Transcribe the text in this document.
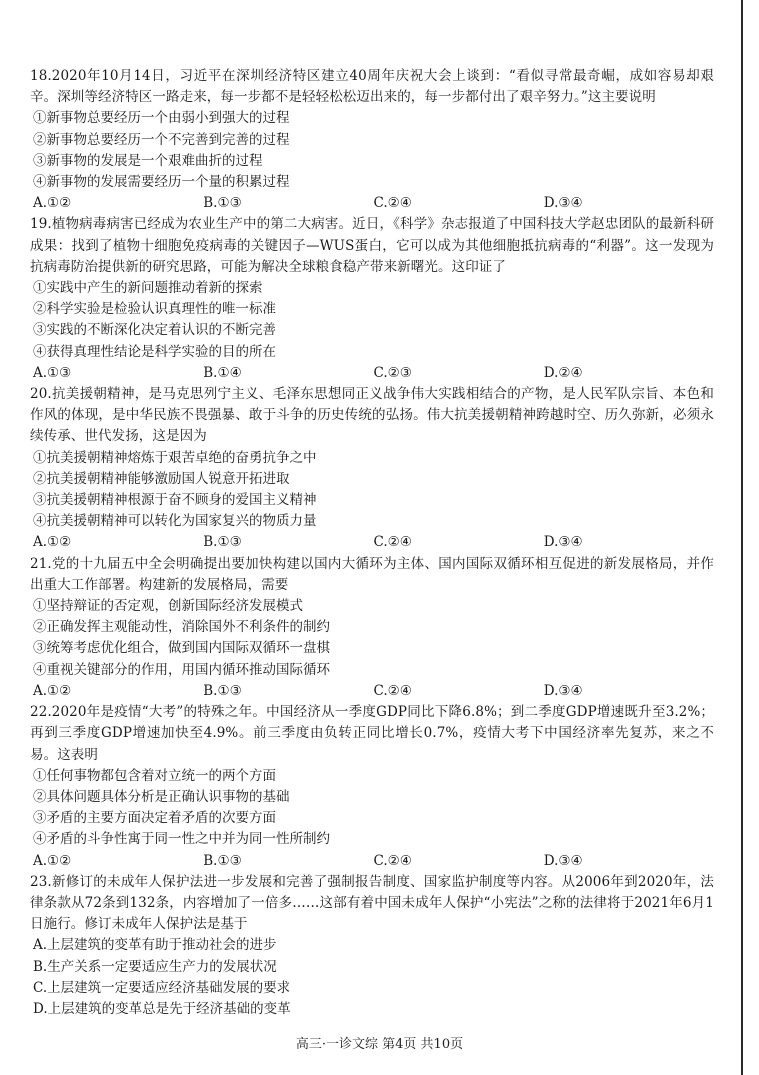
18.2020年10月14日，习近平在深圳经济特区建立40周年庆祝大会上谈到：“看似寻常最奇崛，成如容易却艰辛。深圳等经济特区一路走来，每一步都不是轻轻松松迈出来的，每一步都付出了艰辛努力。”这主要说明

①新事物总要经历一个由弱小到强大的过程

②新事物总要经历一个不完善到完善的过程

③新事物的发展是一个艰难曲折的过程

④新事物的发展需要经历一个量的积累过程

A.①②	B.①③	C.②④	D.③④

19.植物病毒病害已经成为农业生产中的第二大病害。近日，《科学》杂志报道了中国科技大学赵忠团队的最新科研成果：找到了植物十细胞免疫病毒的关键因子—WUS蛋白，它可以成为其他细胞抵抗病毒的“利器”。这一发现为抗病毒防治提供新的研究思路，可能为解决全球粮食稳产带来新曙光。这印证了

①实践中产生的新问题推动着新的探索

②科学实验是检验认识真理性的唯一标准

③实践的不断深化决定着认识的不断完善

④获得真理性结论是科学实验的目的所在

A.①③	B.①④	C.②③	D.②④

20.抗美援朝精神，是马克思列宁主义、毛泽东思想同正义战争伟大实践相结合的产物，是人民军队宗旨、本色和作风的体现，是中华民族不畏强暴、敢于斗争的历史传统的弘扬。伟大抗美援朝精神跨越时空、历久弥新，必须永续传承、世代发扬，这是因为

①抗美援朝精神熔炼于艰苦卓绝的奋勇抗争之中

②抗美援朝精神能够激励国人锐意开拓进取

③抗美援朝精神根源于奋不顾身的爱国主义精神

④抗美援朝精神可以转化为国家复兴的物质力量

A.①②	B.①③	C.②④	D.③④

21.党的十九届五中全会明确提出要加快构建以国内大循环为主体、国内国际双循环相互促进的新发展格局，并作出重大工作部署。构建新的发展格局，需要

①坚持辩证的否定观，创新国际经济发展模式

②正确发挥主观能动性，消除国外不利条件的制约

③统筹考虑优化组合，做到国内国际双循环一盘棋

④重视关键部分的作用，用国内循环推动国际循环

A.①②	B.①③	C.②④	D.③④

22.2020年是疫情“大考”的特殊之年。中国经济从一季度GDP同比下降6.8%；到二季度GDP增速既升至3.2%；再到三季度GDP增速加快至4.9%。前三季度由负转正同比增长0.7%，疫情大考下中国经济率先复苏，来之不易。这表明

①任何事物都包含着对立统一的两个方面

②具体问题具体分析是正确认识事物的基础

③矛盾的主要方面决定着矛盾的次要方面

④矛盾的斗争性寓于同一性之中并为同一性所制约

A.①②	B.①③	C.②④	D.③④

23.新修订的未成年人保护法进一步发展和完善了强制报告制度、国家监护制度等内容。从2006年到2020年，法律条款从72条到132条，内容增加了一倍多……这部有着中国未成年人保护“小宪法”之称的法律将于2021年6月1日施行。修订未成年人保护法是基于

A.上层建筑的变革有助于推动社会的进步

B.生产关系一定要适应生产力的发展状况

C.上层建筑一定要适应经济基础发展的要求

D.上层建筑的变革总是先于经济基础的变革

高三·一诊文综 第4页 共10页
